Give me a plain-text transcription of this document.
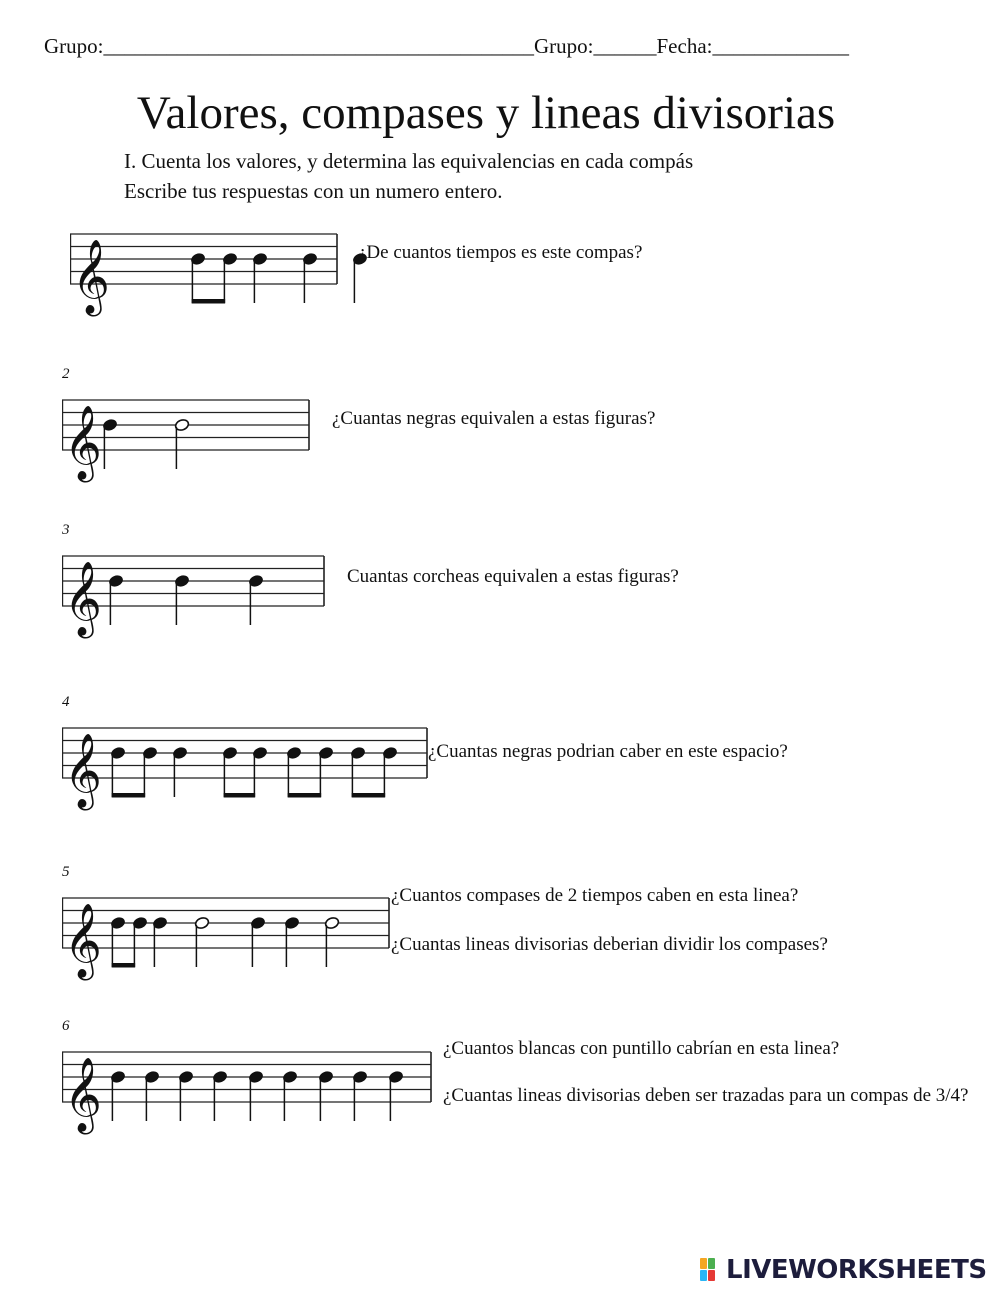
Grupo:_________________________________________Grupo:______Fecha:_____________
Valores, compases y lineas divisorias
I. Cuenta los valores, y determina las equivalencias en cada compás
Escribe tus respuestas con un numero entero.
𝄞	¿De cuantos tiempos es este compas?
2
𝄞	¿Cuantas negras equivalen a estas figuras?
3
𝄞	Cuantas corcheas equivalen a estas figuras?
4
𝄞	¿Cuantas negras podrian caber en este espacio?
5
𝄞
¿Cuantos compases de 2 tiempos caben en esta linea?
¿Cuantas lineas divisorias deberian dividir los compases?
6
𝄞
¿Cuantos blancas con puntillo cabrían en esta linea?
¿Cuantas lineas divisorias deben ser trazadas para un compas de 3/4?
LIVEWORKSHEETS
